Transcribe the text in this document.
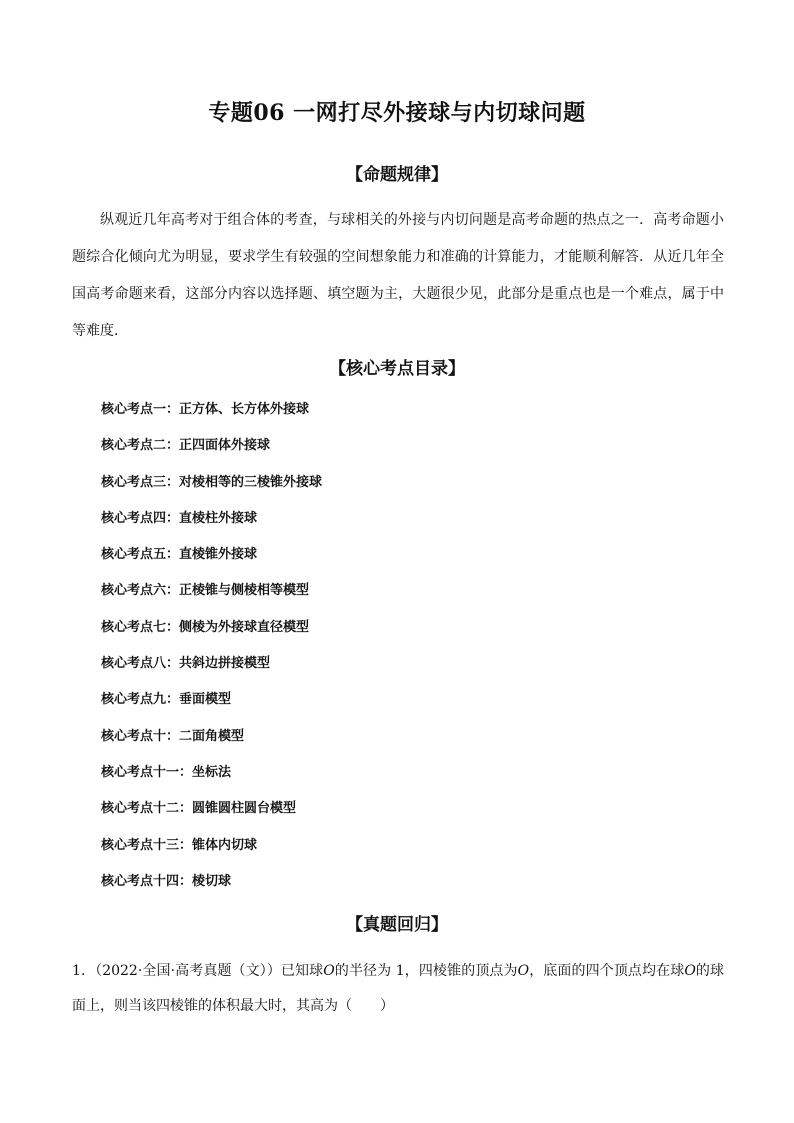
专题06 一网打尽外接球与内切球问题
【命题规律】

纵观近几年高考对于组合体的考查，与球相关的外接与内切问题是高考命题的热点之一．高考命题小题综合化倾向尤为明显，要求学生有较强的空间想象能力和准确的计算能力，才能顺利解答．从近几年全国高考命题来看，这部分内容以选择题、填空题为主，大题很少见，此部分是重点也是一个难点，属于中等难度．

【核心考点目录】
核心考点一：正方体、长方体外接球
核心考点二：正四面体外接球
核心考点三：对棱相等的三棱锥外接球
核心考点四：直棱柱外接球
核心考点五：直棱锥外接球
核心考点六：正棱锥与侧棱相等模型
核心考点七：侧棱为外接球直径模型
核心考点八：共斜边拼接模型
核心考点九：垂面模型
核心考点十：二面角模型
核心考点十一：坐标法
核心考点十二：圆锥圆柱圆台模型
核心考点十三：锥体内切球
核心考点十四：棱切球
【真题回归】

1．（2022·全国·高考真题（文））已知球O的半径为 1，四棱锥的顶点为O，底面的四个顶点均在球O的球面上，则当该四棱锥的体积最大时，其高为（　　）
